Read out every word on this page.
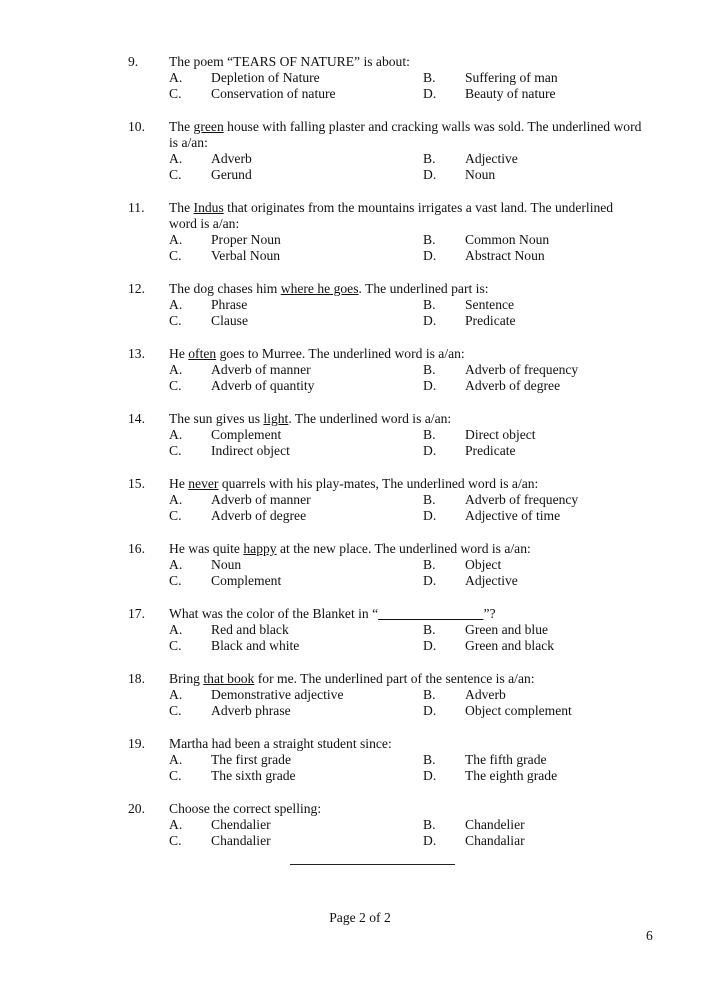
9.	The poem “TEARS OF NATURE” is about:
A.	Depletion of Nature	B.	Suffering of man
C.	Conservation of nature	D.	Beauty of nature
10.	The green house with falling plaster and cracking walls was sold. The underlined word is a/an:
A.	Adverb	B.	Adjective
C.	Gerund	D.	Noun
11.	The Indus that originates from the mountains irrigates a vast land. The underlined word is a/an:
A.	Proper Noun	B.	Common Noun
C.	Verbal Noun	D.	Abstract Noun
12.	The dog chases him where he goes. The underlined part is:
A.	Phrase	B.	Sentence
C.	Clause	D.	Predicate
13.	He often goes to Murree. The underlined word is a/an:
A.	Adverb of manner	B.	Adverb of frequency
C.	Adverb of quantity	D.	Adverb of degree
14.	The sun gives us light. The underlined word is a/an:
A.	Complement	B.	Direct object
C.	Indirect object	D.	Predicate
15.	He never quarrels with his play-mates, The underlined word is a/an:
A.	Adverb of manner	B.	Adverb of frequency
C.	Adverb of degree	D.	Adjective of time
16.	He was quite happy at the new place. The underlined word is a/an:
A.	Noun	B.	Object
C.	Complement	D.	Adjective
17.	What was the color of the Blanket in “	”?
A.	Red and black	B.	Green and blue
C.	Black and white	D.	Green and black
18.	Bring that book for me. The underlined part of the sentence is a/an:
A.	Demonstrative adjective	B.	Adverb
C.	Adverb phrase	D.	Object complement
19.	Martha had been a straight student since:
A.	The first grade	B.	The fifth grade
C.	The sixth grade	D.	The eighth grade
20.	Choose the correct spelling:
A.	Chendalier	B.	Chandelier
C.	Chandalier	D.	Chandaliar
Page 2 of 2
6
